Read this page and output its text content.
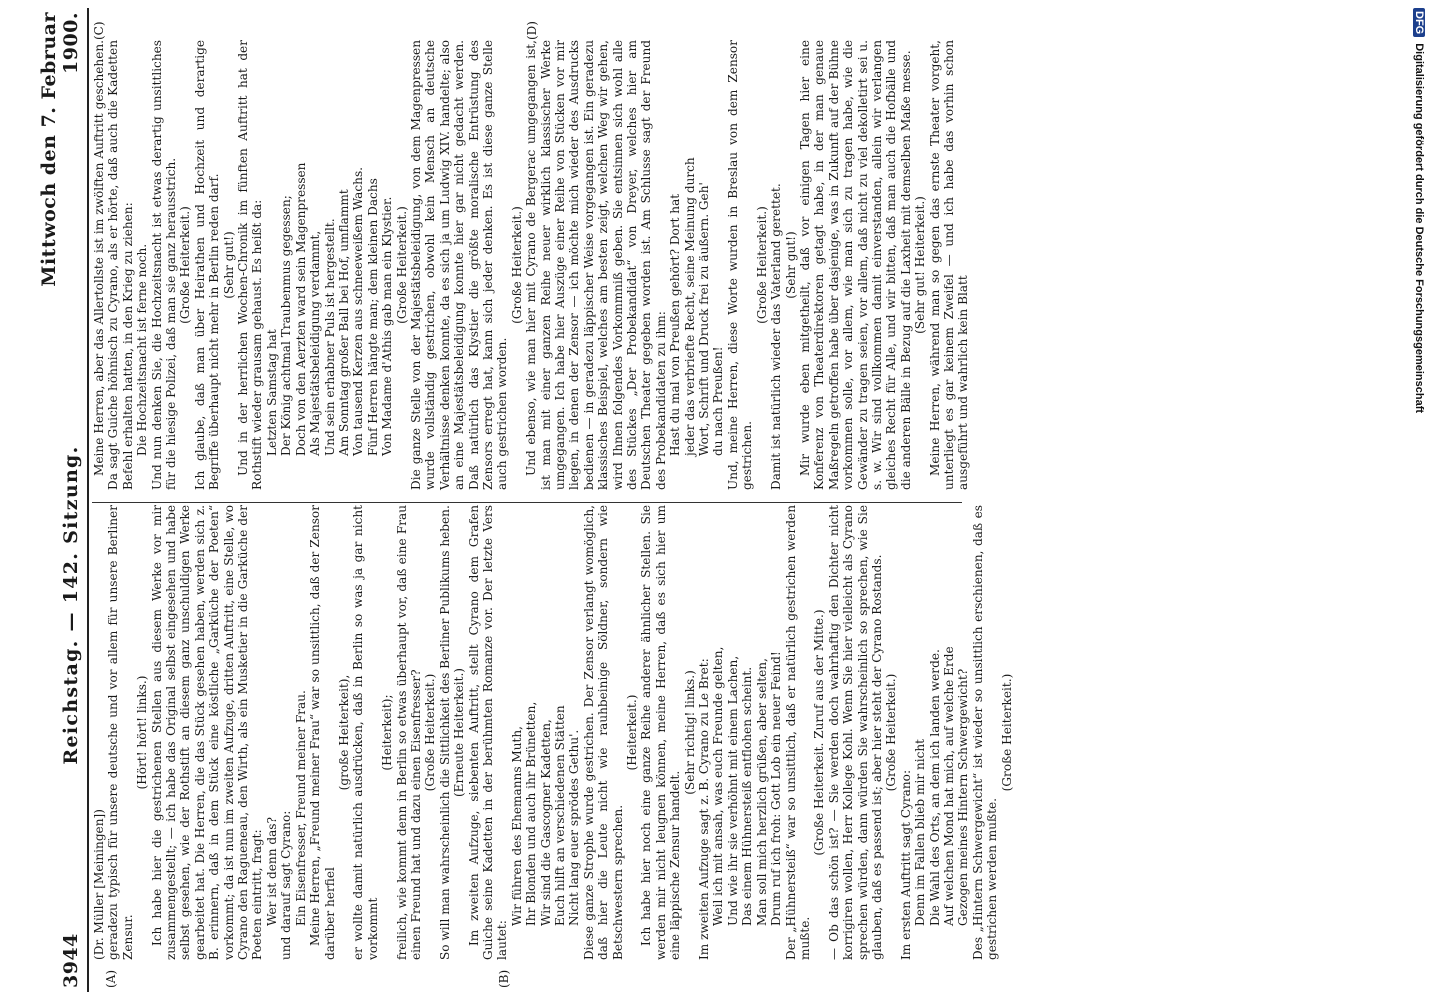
3944
Reichstag. — 142. Sitzung.
Mittwoch den 7. Februar 1900.
(A)	(B)
(C)	(D)

(Dr. Müller [Meiningen]) geradezu typisch für unsere deutsche und vor allem für unsere Berliner Zensur.

(Hört! hört! links.) Ich habe hier die gestrichenen Stellen aus diesem Werke vor mir zusammengestellt; — ich habe das Original selbst eingesehen und habe selbst gesehen, wie der Rothstift an diesem ganz unschuldigen Werke gearbeitet hat. Die Herren, die das Stück gesehen haben, werden sich z. B. erinnern, daß in dem Stück eine köstliche „Garküche der Poeten“ vorkommt; da ist nun im zweiten Aufzuge, dritten Auftritt, eine Stelle, wo Cyrano den Ragueneau, den Wirth, als ein Musketier in die Garküche der Poeten eintritt, fragt: Wer ist denn das? und darauf sagt Cyrano: Ein Eisenfresser, Freund meiner Frau. Meine Herren, „Freund meiner Frau“ war so unsittlich, daß der Zensor darüber herfiel

(große Heiterkeit), er wollte damit natürlich ausdrücken, daß in Berlin so was ja gar nicht vorkommt

(Heiterkeit); freilich, wie kommt denn in Berlin so etwas überhaupt vor, daß eine Frau einen Freund hat und dazu einen Eisenfresser? (Große Heiterkeit.) So will man wahrscheinlich die Sittlichkeit des Berliner Publikums heben. (Erneute Heiterkeit.) Im zweiten Aufzuge, siebenten Auftritt, stellt Cyrano dem Grafen Guiche seine Kadetten in der berühmten Romanze vor. Der letzte Vers lautet:

Wir führen des Ehemanns Muth, Ihr Blonden und auch ihr Brünetten, Wir sind die Gascogner Kadetten, Euch hilft an verschiedenen Stätten Nicht lang euer sprödes Gethu'. Diese ganze Strophe wurde gestrichen. Der Zensor verlangt womöglich, daß hier die Leute nicht wie rauhbeinige Söldner, sondern wie Betschwestern sprechen.

(Heiterkeit.) Ich habe hier noch eine ganze Reihe anderer ähnlicher Stellen. Sie werden mir nicht leugnen können, meine Herren, daß es sich hier um eine läppische Zensur handelt.

(Sehr richtig! links.) Im zweiten Aufzuge sagt z. B. Cyrano zu Le Bret: Weil ich mit ansah, was euch Freunde gelten, Und wie ihr sie verhöhnt mit einem Lachen, Das einem Hühnersteiß entflohen scheint. Man soll mich herzlich grüßen, aber selten, Drum ruf ich froh: Gott Lob ein neuer Feind! Der „Hühnersteiß“ war so unsittlich, daß er natürlich gestrichen werden mußte.

(Große Heiterkeit. Zuruf aus der Mitte.) — Ob das schön ist? — Sie werden doch wahrhaftig den Dichter nicht korrigiren wollen, Herr Kollege Kohl. Wenn Sie hier vielleicht als Cyrano sprechen würden, dann würden Sie wahrscheinlich so sprechen, wie Sie glauben, daß es passend ist; aber hier steht der Cyrano Rostands. (Große Heiterkeit.)

Im ersten Auftritt sagt Cyrano: Denn im Fallen blieb mir nicht Die Wahl des Orts, an dem ich landen werde. Auf welchen Mond hat mich, auf welche Erde Gezogen meines Hintern Schwergewicht? Des „Hintern Schwergewicht“ ist wieder so unsittlich erschienen, daß es gestrichen werden mußte.

(Große Heiterkeit.)

Meine Herren, aber das Allertollste ist im zwölften Auftritt geschehen. Da sagt Guiche höhnisch zu Cyrano, als er hörte, daß auch die Kadetten Befehl erhalten hatten, in den Krieg zu ziehen: Die Hochzeitsnacht ist ferne noch. Und nun denken Sie, die Hochzeitsnacht ist etwas derartig unsittliches für die hiesige Polizei, daß man sie ganz herausstrich. (Große Heiterkeit.) Ich glaube, daß man über Heirathen und Hochzeit und derartige Begriffe überhaupt nicht mehr in Berlin reden darf. (Sehr gut!) Und in der herrlichen Wochen-Chronik im fünften Auftritt hat der Rothstift wieder grausam gehaust. Es heißt da: Letzten Samstag hat Der König achtmal Traubenmus gegessen; Doch von den Aerzten ward sein Magenpressen Als Majestätsbeleidigung verdammt, Und sein erhabner Puls ist hergestellt. Am Sonntag großer Ball bei Hof, umflammt Von tausend Kerzen aus schneeweißem Wachs. Fünf Herren hängte man; dem kleinen Dachs Von Madame d'Athis gab man ein Klystier. (Große Heiterkeit.) Die ganze Stelle von der Majestätsbeleidigung, von dem Magenpressen wurde vollständig gestrichen, obwohl kein Mensch an deutsche Verhältnisse denken konnte, da es sich ja um Ludwig XIV. handelte; also an eine Majestätsbeleidigung konnte hier gar nicht gedacht werden. Daß natürlich das Klystier die größte moralische Entrüstung des Zensors erregt hat, kann sich jeder denken. Es ist diese ganze Stelle auch gestrichen worden.

(Große Heiterkeit.) Und ebenso, wie man hier mit Cyrano de Bergerac umgegangen ist, ist man mit einer ganzen Reihe neuer wirklich klassischer Werke umgegangen. Ich habe hier Auszüge einer Reihe von Stücken vor mir liegen, in denen der Zensor — ich möchte mich wieder des Ausdrucks bedienen — in geradezu läppischer Weise vorgegangen ist. Ein geradezu klassisches Beispiel, welches am besten zeigt, welchen Weg wir gehen, wird Ihnen folgendes Vorkommniß geben. Sie entsinnen sich wohl alle des Stückes „Der Probekandidat“ von Dreyer, welches hier am Deutschen Theater gegeben worden ist. Am Schlusse sagt der Freund des Probekandidaten zu ihm: Hast du mal von Preußen gehört? Dort hat jeder das verbriefte Recht, seine Meinung durch Wort, Schrift und Druck frei zu äußern. Geh' du nach Preußen! Und, meine Herren, diese Worte wurden in Breslau von dem Zensor gestrichen.

(Große Heiterkeit.) Damit ist natürlich wieder das Vaterland gerettet. (Sehr gut!) Mir wurde eben mitgetheilt, daß vor einigen Tagen hier eine Konferenz von Theaterdirektoren getagt habe, in der man genaue Maßregeln getroffen habe über dasjenige, was in Zukunft auf der Bühne vorkommen solle, vor allem, wie man sich zu tragen habe, wie die Gewänder zu tragen seien, vor allem, daß nicht zu viel dekolletirt sei u. s. w. Wir sind vollkommen damit einverstanden, allein wir verlangen gleiches Recht für Alle, und wir bitten, daß man auch die Hofbälle und die anderen Bälle in Bezug auf die Laxheit mit demselben Maße messe. (Sehr gut! Heiterkeit.) Meine Herren, während man so gegen das ernste Theater vorgeht, unterliegt es gar keinem Zweifel — und ich habe das vorhin schon ausgeführt und wahrlich kein Blatt

DFGDigitalisierung gefördert durch die Deutsche Forschungsgemeinschaft
